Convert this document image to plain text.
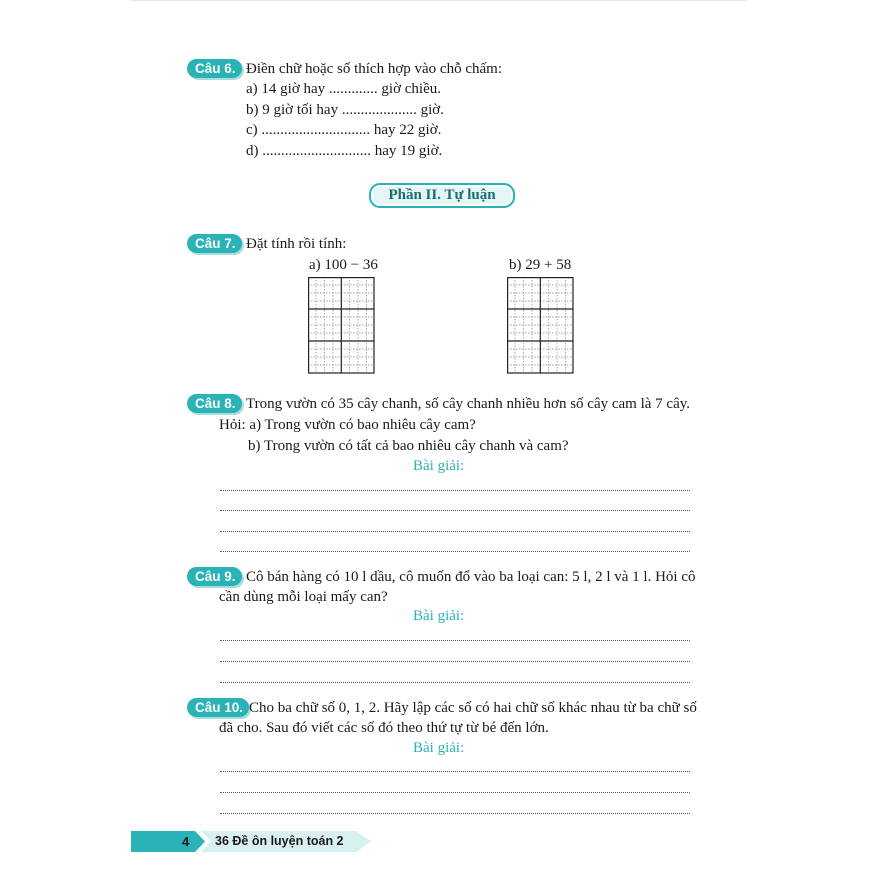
Câu 6. Điền chữ hoặc số thích hợp vào chỗ chấm:
a) 14 giờ hay ............. giờ chiều.
b) 9 giờ tối hay .................... giờ.
c) ............................. hay 22 giờ.
d) ............................. hay 19 giờ.
Phần II. Tự luận
Câu 7. Đặt tính rồi tính:
a) 100 − 36	b) 29 + 58
Câu 8. Trong vườn có 35 cây chanh, số cây chanh nhiều hơn số cây cam là 7 cây.
Hỏi: a) Trong vườn có bao nhiêu cây cam?
b) Trong vườn có tất cả bao nhiêu cây chanh và cam?
Bài giải:
Câu 9. Cô bán hàng có 10 l dầu, cô muốn đổ vào ba loại can: 5 l, 2 l và 1 l. Hỏi cô
cần dùng mỗi loại mấy can?
Bài giải:
Câu 10. Cho ba chữ số 0, 1, 2. Hãy lập các số có hai chữ số khác nhau từ ba chữ số
đã cho. Sau đó viết các số đó theo thứ tự từ bé đến lớn.
Bài giải:
4 36 Đề ôn luyện toán 2
